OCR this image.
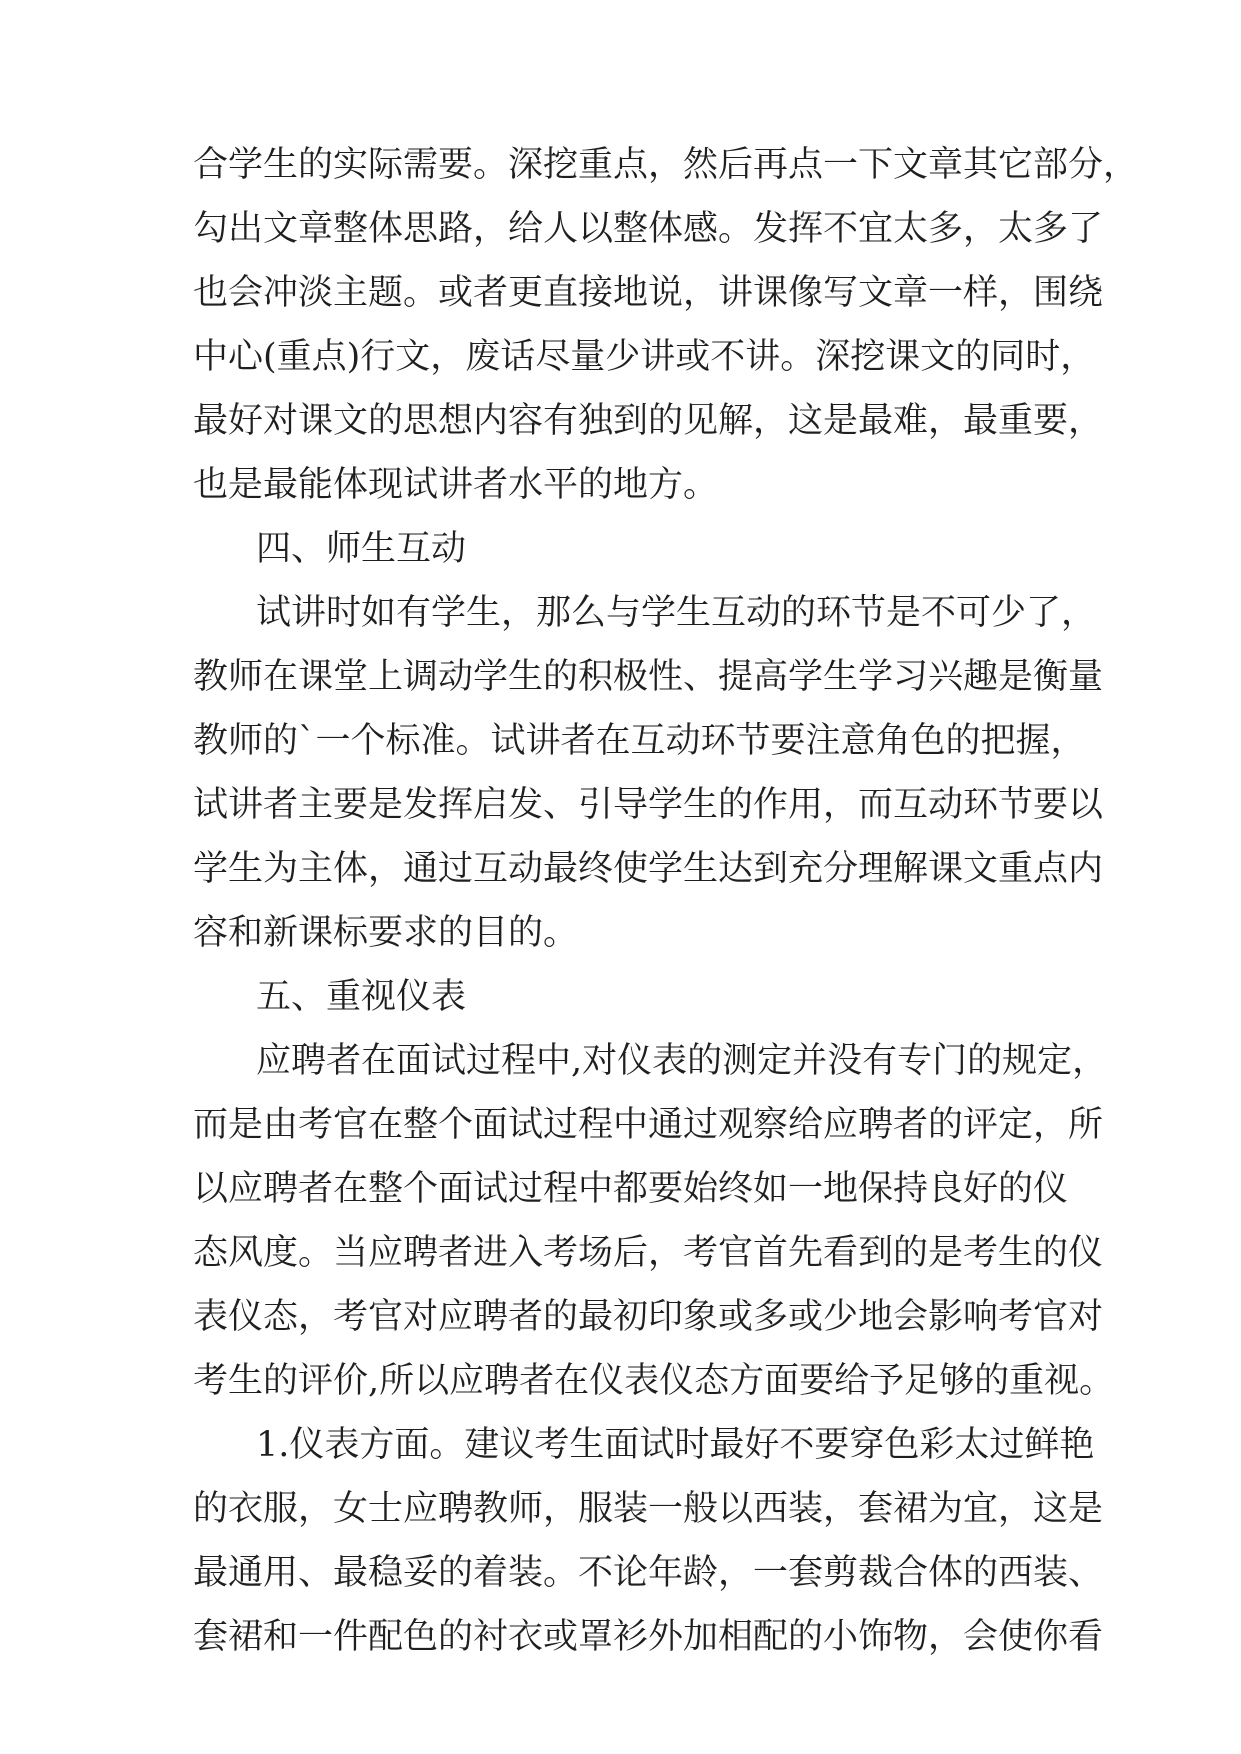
合学生的实际需要。深挖重点，然后再点一下文章其它部分，
勾出文章整体思路，给人以整体感。发挥不宜太多，太多了
也会冲淡主题。或者更直接地说，讲课像写文章一样，围绕
中心(重点)行文，废话尽量少讲或不讲。深挖课文的同时，
最好对课文的思想内容有独到的见解，这是最难，最重要，
也是最能体现试讲者水平的地方。
四、师生互动
试讲时如有学生，那么与学生互动的环节是不可少了，
教师在课堂上调动学生的积极性、提高学生学习兴趣是衡量
教师的`一个标准。试讲者在互动环节要注意角色的把握，
试讲者主要是发挥启发、引导学生的作用，而互动环节要以
学生为主体，通过互动最终使学生达到充分理解课文重点内
容和新课标要求的目的。
五、重视仪表
应聘者在面试过程中,对仪表的测定并没有专门的规定，
而是由考官在整个面试过程中通过观察给应聘者的评定，所
以应聘者在整个面试过程中都要始终如一地保持良好的仪
态风度。当应聘者进入考场后，考官首先看到的是考生的仪
表仪态，考官对应聘者的最初印象或多或少地会影响考官对
考生的评价,所以应聘者在仪表仪态方面要给予足够的重视。
1.仪表方面。建议考生面试时最好不要穿色彩太过鲜艳
的衣服，女士应聘教师，服装一般以西装，套裙为宜，这是
最通用、最稳妥的着装。不论年龄，一套剪裁合体的西装、
套裙和一件配色的衬衣或罩衫外加相配的小饰物，会使你看
